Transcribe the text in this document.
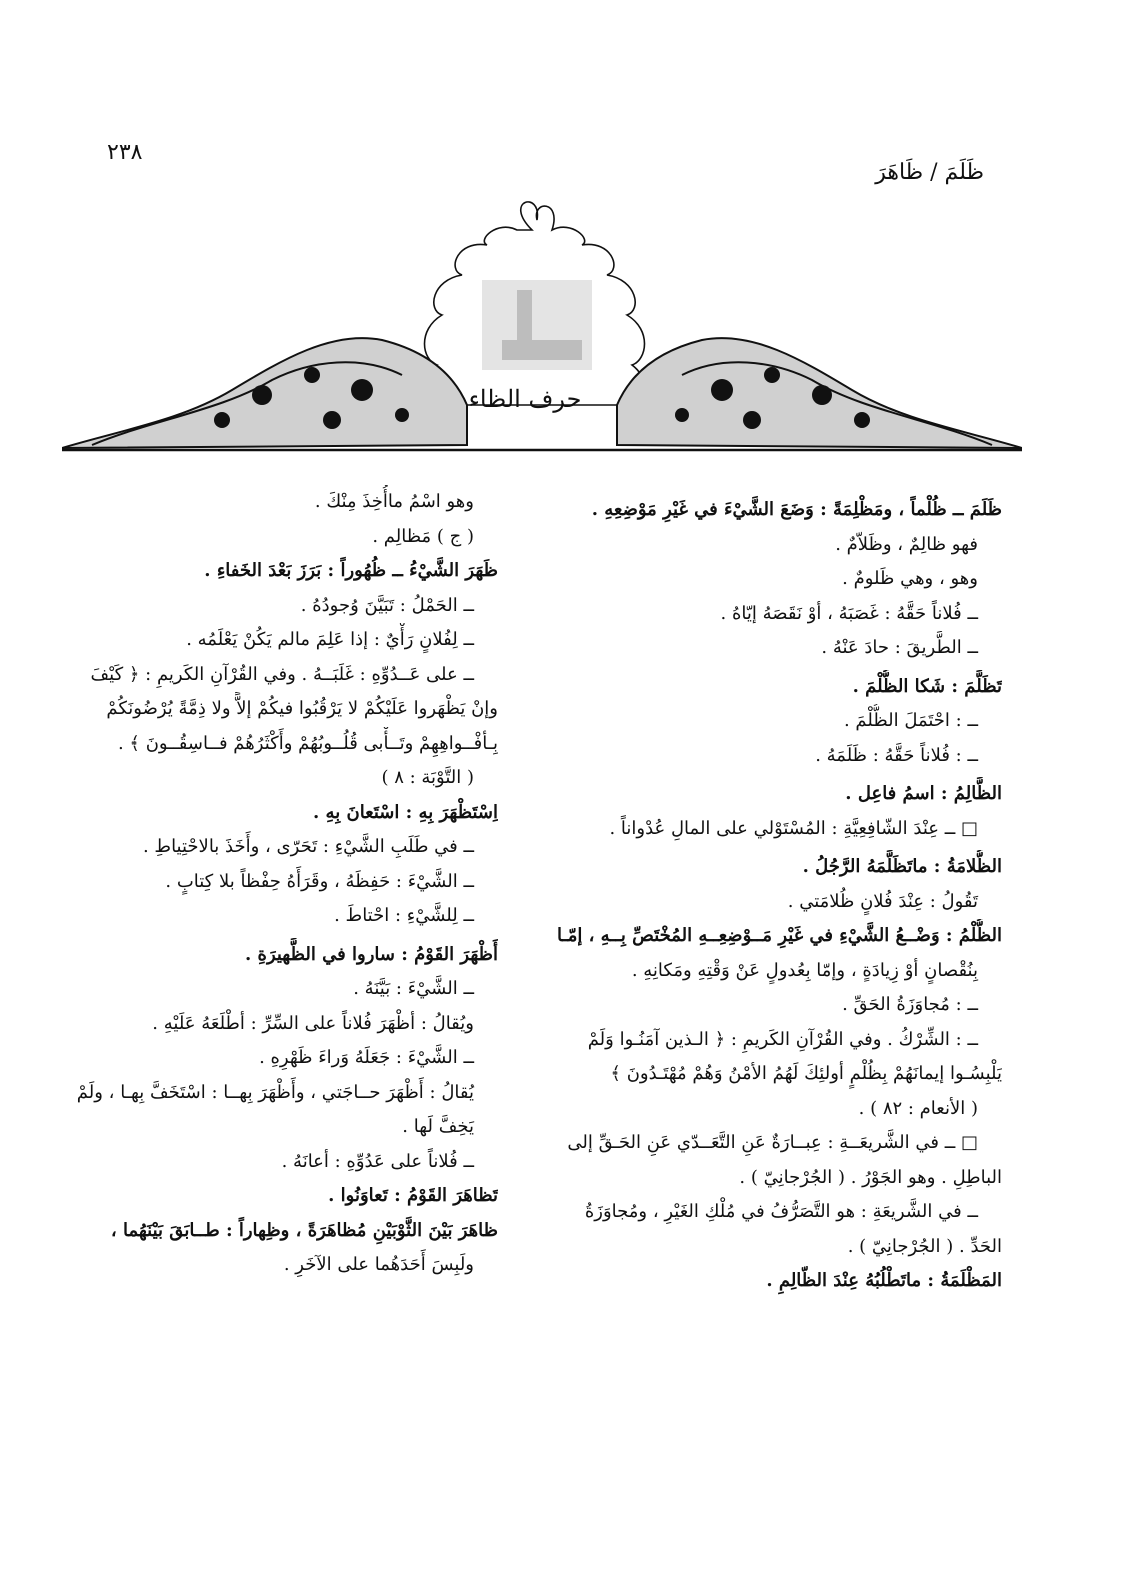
٢٣٨
ظَلَمَ / ظَاهَرَ
حرف الظاء
ظَلَمَ ــ ظُلْماً ، ومَظْلِمَةً : وَضَعَ الشَّيْءَ في غَيْرِ مَوْضِعِهِ .
فهو ظالِمٌ ، وظَلاّمٌ .
وهو ، وهي ظَلومٌ .
ــ فُلاناً حَقَّهُ : غَصَبَهُ ، أوْ نَقَصَهُ إيّاهُ .
ــ الطَّريقَ : حادَ عَنْهُ .
تَظَلَّمَ : شَكا الظُّلْمَ .
ــ : احْتَمَلَ الظُّلْمَ .
ــ : فُلاناً حَقَّهُ : ظَلَمَهُ .
الظَّالِمُ : اسمُ فاعِل .
□ ــ عِنْدَ الشّافِعِيَّةِ : المُسْتَوْلي على المالِ عُدْواناً .
الظُّلامَةُ : ماتَظَلَّمَهُ الرَّجُلُ .
تَقُولُ : عِنْدَ فُلانٍ ظُلامَتي .
الظُّلْمُ : وَضْــعُ الشَّيْءِ في غَيْرِ مَــوْضِعِــهِ المُخْتَصِّ بِــهِ ، إمّـا
بِنُقْصانٍ أوْ زِيادَةٍ ، وإمّا بِعُدولٍ عَنْ وَقْتِهِ ومَكانِهِ .
ــ : مُجاوَزَةُ الحَقِّ .
ــ : الشِّرْكُ . وفي القُرْآنِ الكَريمِ : ﴿ الـذين آمَنُـوا وَلَمْ
يَلْبِسُـوا إيمانَهُمْ بِظُلْمٍ أولئِكَ لَهُمُ الأمْنُ وَهُمْ مُهْتَـدُونَ ﴾
( الأنعام : ٨٢ ) .
□ ــ في الشَّريعَــةِ : عِبــارَةٌ عَنِ التَّعَــدّي عَنِ الحَـقِّ إلى
الباطِلِ . وهو الجَوْرُ . ( الجُرْجانِيّ ) .
ــ في الشَّريعَةِ : هو التَّصَرُّفُ في مُلْكِ الغَيْرِ ، ومُجاوَزَةُ
الحَدِّ . ( الجُرْجانِيّ ) .
المَظْلَمَةُ : ماتَطْلُبُهُ عِنْدَ الظّالِمِ .
وهو اسْمُ ماأُخِذَ مِنْكَ .
( ج ) مَظالِم .
ظَهَرَ الشَّيْءُ ــ ظُهُوراً : بَرَزَ بَعْدَ الخَفاءِ .
ــ الحَمْلُ : تَبَيَّنَ وُجودُهُ .
ــ لِفُلانٍ رَأْيٌ : إذا عَلِمَ مالم يَكُنْ يَعْلَمُه .
ــ على عَــدُوِّهِ : غَلَبَــهُ . وفي القُرْآنِ الكَريمِ : ﴿ كَيْفَ
وإنْ يَظْهَروا عَلَيْكُمْ لا يَرْقُبُوا فيكُمْ إلاًّ ولا ذِمَّةً يُرْضُونَكُمْ
بِـأفْــواهِهِمْ وتَــأْبى قُلُــوبُهُمْ وأَكْثَرُهُمْ فــاسِقُــونَ ﴾ .
( التَّوْبَة : ٨ )
اِسْتَظْهَرَ بِهِ : اسْتَعانَ بِهِ .
ــ في طَلَبِ الشَّيْءِ : تَحَرّى ، وأَخَذَ بالاحْتِياطِ .
ــ الشَّيْءَ : حَفِظَهُ ، وقَرَأَهُ حِفْظاً بلا كِتابٍ .
ــ لِلشَّيْءِ : احْتاطَ .
أَظْهَرَ القَوْمُ : ساروا في الظَّهيرَةِ .
ــ الشَّيْءَ : بَيَّنَهُ .
ويُقالُ : أظْهَرَ فُلاناً على السِّرِّ : أطْلَعَهُ عَلَيْهِ .
ــ الشَّيْءَ : جَعَلَهُ وَراءَ ظَهْرِهِ .
يُقالُ : أَظْهَرَ حــاجَتي ، وأَظْهَرَ بِهــا : اسْتَخَفَّ بِهـا ، ولَمْ
يَخِفَّ لَها .
ــ فُلاناً على عَدُوِّهِ : أعانَهُ .
تَظاهَرَ القَوْمُ : تَعاوَنُوا .
ظاهَرَ بَيْنَ الثَّوْبَيْنِ مُظاهَرَةً ، وظِهاراً : طــابَقَ بَيْنَهُما ،
ولَبِسَ أَحَدَهُما على الآخَرِ .
